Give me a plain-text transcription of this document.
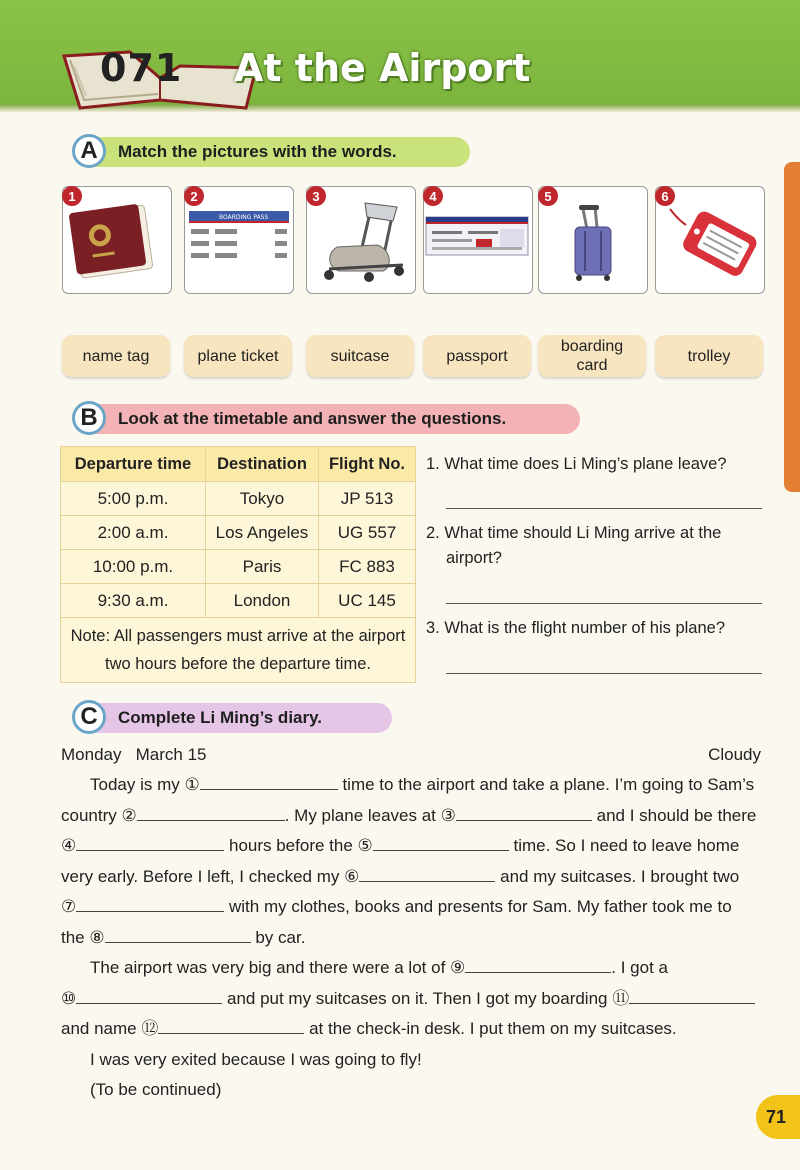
071 At the Airport
A	Match the pictures with the words.
1
BOARDING PASS
2	3	4	5	6
name tag	plane ticket	suitcase	passport
boarding card
trolley
B	Look at the timetable and answer the questions.
Departure time	Destination	Flight No.
5:00 p.m.	Tokyo	JP 513
2:00 a.m.	Los Angeles	UG 557
10:00 p.m.	Paris	FC 883
9:30 a.m.	London	UC 145
Note: All passengers must arrive at the airport two hours before the departure time.		
1. What time does Li Ming’s plane leave?
2. What time should Li Ming arrive at the airport?
3. What is the flight number of his plane?
C	Complete Li Ming’s diary.
Monday   March 15	Cloudy
Today is my ①	time to the airport and take a plane. I’m going to Sam’s
country ②	. My plane leaves at ③	and I should be there
④	hours before the ⑤	time. So I need to leave home
very early. Before I left, I checked my ⑥	and my suitcases. I brought two
⑦	with my clothes, books and presents for Sam. My father took me to
the ⑧	by car.
The airport was very big and there were a lot of ⑨	. I got a
⑩	and put my suitcases on it. Then I got my boarding ⑪
and name ⑫	at the check-in desk. I put them on my suitcases.
I was very exited because I was going to fly!
(To be continued)
71
